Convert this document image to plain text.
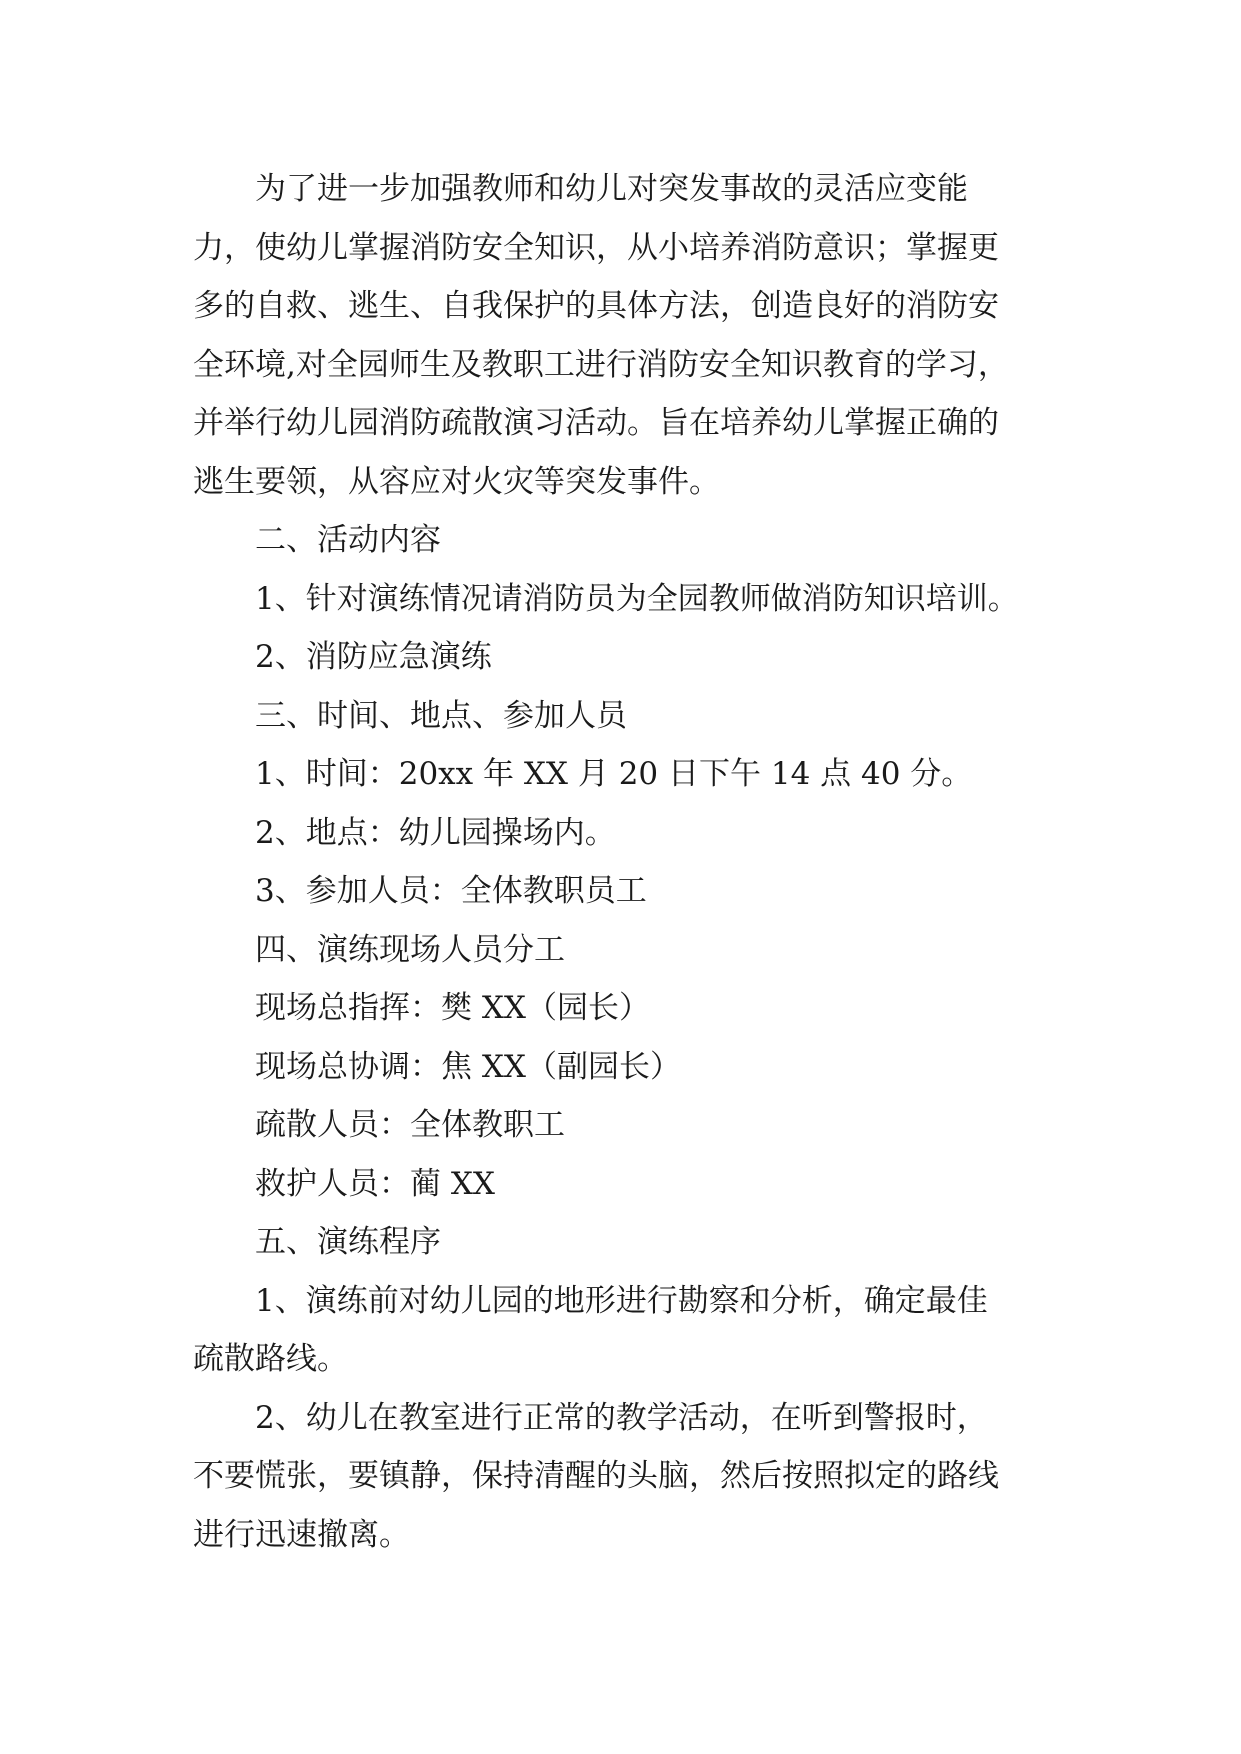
为了进一步加强教师和幼儿对突发事故的灵活应变能
力，使幼儿掌握消防安全知识，从小培养消防意识；掌握更
多的自救、逃生、自我保护的具体方法，创造良好的消防安
全环境,对全园师生及教职工进行消防安全知识教育的学习，
并举行幼儿园消防疏散演习活动。旨在培养幼儿掌握正确的
逃生要领，从容应对火灾等突发事件。
二、活动内容
1、针对演练情况请消防员为全园教师做消防知识培训。
2、消防应急演练
三、时间、地点、参加人员
1、时间：20xx 年 XX 月 20 日下午 14 点 40 分。
2、地点：幼儿园操场内。
3、参加人员：全体教职员工
四、演练现场人员分工
现场总指挥：樊 XX（园长）
现场总协调：焦 XX（副园长）
疏散人员：全体教职工
救护人员：蔺 XX
五、演练程序
1、演练前对幼儿园的地形进行勘察和分析，确定最佳
疏散路线。
2、幼儿在教室进行正常的教学活动，在听到警报时，
不要慌张，要镇静，保持清醒的头脑，然后按照拟定的路线
进行迅速撤离。
